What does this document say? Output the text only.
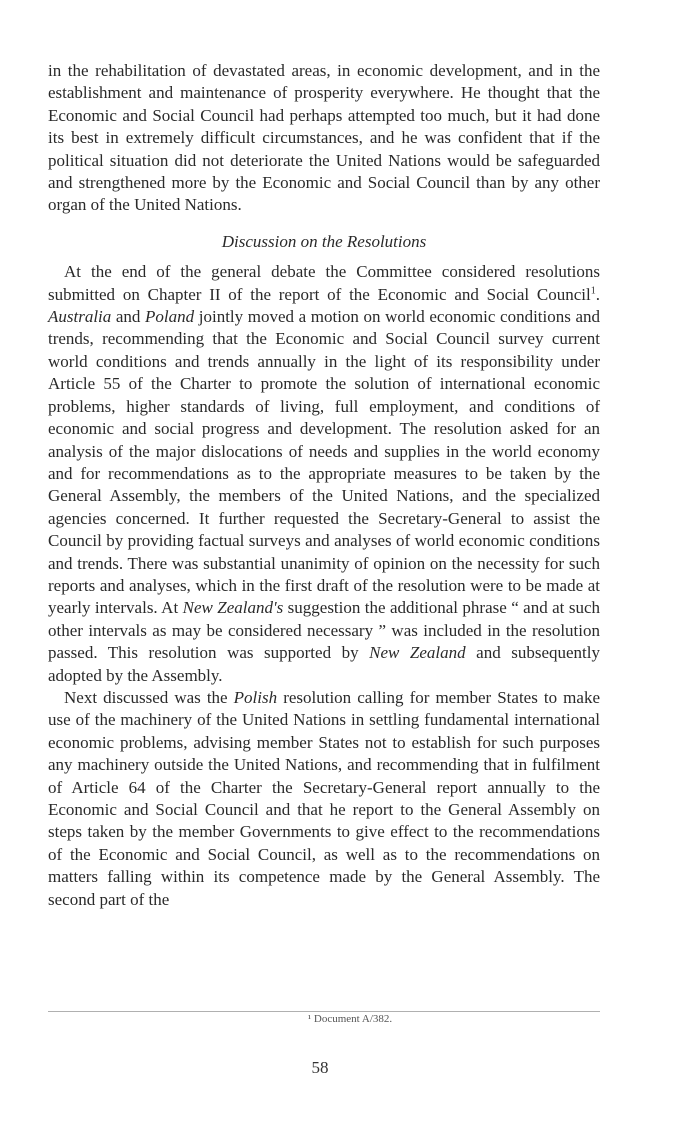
in the rehabilitation of devastated areas, in economic development, and in the establishment and maintenance of prosperity everywhere. He thought that the Economic and Social Council had perhaps attempted too much, but it had done its best in extremely difficult circumstances, and he was confident that if the political situation did not deteriorate the United Nations would be safeguarded and strengthened more by the Economic and Social Council than by any other organ of the United Nations.

Discussion on the Resolutions

At the end of the general debate the Committee considered resolutions submitted on Chapter II of the report of the Economic and Social Council$^1$. Australia and Poland jointly moved a motion on world economic conditions and trends, recommending that the Economic and Social Council survey current world conditions and trends annually in the light of its responsibility under Article 55 of the Charter to promote the solution of international economic problems, higher standards of living, full employment, and conditions of economic and social progress and development. The resolution asked for an analysis of the major dislocations of needs and supplies in the world economy and for recommendations as to the appropriate measures to be taken by the General Assembly, the members of the United Nations, and the specialized agencies concerned. It further requested the Secretary-General to assist the Council by providing factual surveys and analyses of world economic conditions and trends. There was substantial unanimity of opinion on the necessity for such reports and analyses, which in the first draft of the resolution were to be made at yearly intervals. At New Zealand's suggestion the additional phrase “ and at such other intervals as may be considered necessary ” was included in the resolution passed. This resolution was supported by New Zealand and subsequently adopted by the Assembly.

Next discussed was the Polish resolution calling for member States to make use of the machinery of the United Nations in settling fundamental international economic problems, advising member States not to establish for such purposes any machinery outside the United Nations, and recommending that in fulfilment of Article 64 of the Charter the Secretary-General report annually to the Economic and Social Council and that he report to the General Assembly on steps taken by the member Governments to give effect to the recommendations of the Economic and Social Council, as well as to the recommendations on matters falling within its competence made by the General Assembly. The second part of the

¹ Document A/382.
58
